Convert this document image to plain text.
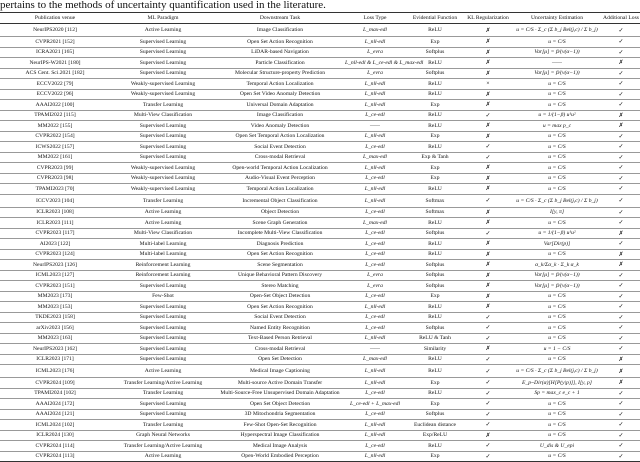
pertains to the methods of uncertainty quantification used in the literature.
Publication venue	ML Paradigm	Downstream Task	Loss Type	Evidential Function	KL Regularization	Uncertainty Estimation	Additional Loss
NeurIPS2020 [112]	Active Learning	Image Classification	L_max-edl	ReLU	✗	u = C/S · Σ_c (Σ b_j Bel(j,c) / Σ b_j)	✓
CVPR2021 [152]	Supervised Learning	Open Set Action Recognition	L_nll-edl	Exp	✗	u = C/S	✓
ICRA2021 [165]	Supervised Learning	LiDAR-based Navigation	L_evra	Softplus	✗	Var[μ] = β/(v(α−1))	✓
NeurIPS-W2021 [180]	Supervised Learning	Particle Classification	L_nll-edl & L_ce-edl & L_max-edl	ReLU	✗	——	✗
ACS Cent. Sci.2021 [182]	Supervised Learning	Molecular Structure-property Prediction	L_evra	Softplus	✗	Var[μ] = β/(v(α−1))	✓
ECCV2022 [79]	Weakly-supervised Learning	Temporal Action Localization	L_nll-edl	ReLU	×	u = C/S	✓
ECCV2022 [96]	Weakly-supervised Learning	Open Set Video Anomaly Detection	L_nll-edl	ReLU	✗	u = C/S	✓
AAAI2022 [100]	Transfer Learning	Universal Domain Adaptation	L_nll-edl	Exp	✗	u = C/S	✓
TPAMI2022 [115]	Multi-View Classification	Image Classification	L_ce-edl	ReLU	✓	u = 1/(1−β) u¹u²	✗
MM2022 [155]	Supervised Learning	Video Anomaly Detection	——	ReLU	✗	u = max p_c	✗
CVPR2022 [154]	Supervised Learning	Open Set Temporal Action Localization	L_nll-edl	Exp	✗	u = C/S	✓
ICWS2022 [157]	Supervised Learning	Social Event Detection	L_ce-edl	ReLU	✓	u = C/S	✓
MM2022 [161]	Supervised Learning	Cross-modal Retrieval	L_max-edl	Exp & Tanh	✓	u = C/S	✓
CVPR2023 [99]	Weakly-supervised Learning	Open-world Temporal Action Localization	L_nll-edl	Exp	✗	u = C/S	✓
CVPR2023 [98]	Weakly-supervised Learning	Audio-Visual Event Perception	L_ce-edl	Exp	✗	u = C/S	✓
TPAMI2023 [70]	Weakly-supervised Learning	Temporal Action Localization	L_nll-edl	ReLU	✗	u = C/S	✓
ICCV2023 [104]	Transfer Learning	Incremental Object Classification	L_nll-edl	Softmax	✓	u = C/S · Σ_c (Σ b_j Bel(j,c) / Σ b_j)	✓
ICLR2023 [108]	Active Learning	Object Detection	L_ce-edl	Softmax	✗	I[y, π]	✓
ICLR2023 [111]	Active Learning	Scene Graph Generation	L_max-edl	ReLU	✗	u = C/S	✓
CVPR2023 [117]	Multi-View Classification	Incomplete Multi-View Classification	L_ce-edl	Softplus	✓	u = 1/(1−β) u¹u²	✗
AI2023 [122]	Multi-label Learning	Diagnosis Prediction	L_ce-edl	ReLU	✗	Var[Dir(p)]	✓
CVPR2023 [124]	Multi-label Learning	Open Set Action Recognition	L_ce-edl	ReLU	✗	u = C/S	✗
NeurIPS2023 [126]	Reinforcement Learning	Scene Segmentation	L_ce-edl	Softplus	✗	α_k/Σα_k · Σ_k α_k	✗
ICML2023 [127]	Reinforcement Learning	Unique Behavioral Pattern Discovery	L_evra	Softplus	✗	Var[μ] = β/(v(α−1))	✓
CVPR2023 [151]	Supervised Learning	Stereo Matching	L_evra	Softplus	✗	Var[μ] = β/(v(α−1))	✓
MM2023 [173]	Few-Shot	Open-Set Object Detection	L_ce-edl	Exp	✗	u = C/S	✓
MM2023 [153]	Supervised Learning	Open Set Action Recognition	L_nll-edl	ReLU	✗	u = C/S	✓
TKDE2023 [158]	Supervised Learning	Social Event Detection	L_ce-edl	ReLU	✓	u = C/S	✓
arXiv2023 [156]	Supervised Learning	Named Entity Recognition	L_ce-edl	Softplus	✓	u = C/S	✓
MM2023 [163]	Supervised Learning	Text-Based Person Retrieval	L_nll-edl	ReLU & Tanh	✓	u = C/S	✓
NeurIPS2023 [162]	Supervised Learning	Cross-modal Retrieval	——	Similarity	✗	u = 1 − C/S	✓
ICLR2023 [171]	Supervised Learning	Open Set Detection	L_max-edl	ReLU	✓	u = C/S	✗
ICML2023 [176]	Active Learning	Medical Image Captioning	L_nll-edl	ReLU	✓	u = C/S · Σ_c (Σ b_j Bel(j,c) / Σ b_j)	✗
CVPR2024 [109]	Transfer Learning/Active Learning	Multi-source Active Domain Transfer	L_nll-edl	Exp	✓	E_p~Dir(α)[H[P(y|p)]], I[y, p]	✗
TPAMI2024 [102]	Transfer Learning	Multi-Source-Free Unsupervised Domain Adaptation	L_ce-edl	ReLU	✓	Sp = max_c e_c + 1	✓
AAAI2024 [172]	Supervised Learning	Open Set Object Detection	L_ce-edl + L_max-edl	Exp	✓	u = C/S	✓
AAAI2024 [121]	Supervised Learning	3D Mitochondria Segmentation	L_ce-edl	Softplus	✓	u = C/S	✓
ICML2024 [102]	Transfer Learning	Few-Shot Open-Set Recognition	L_nll-edl	Euclidean distance	✓	u = C/S	✓
ICLR2024 [130]	Graph Neural Networks	Hyperspectral Image Classification	L_nll-edl	Exp/ReLU	✗	u = C/S	✓
CVPR2024 [114]	Transfer Learning/Active Learning	Medical Image Analysis	L_ce-edl	ReLU	✓	U_dis & U_epi	✓
CVPR2024 [113]	Active Learning	Open-World Embodied Perception	L_nll-edl	Exp	✓	u = C/S	✓
